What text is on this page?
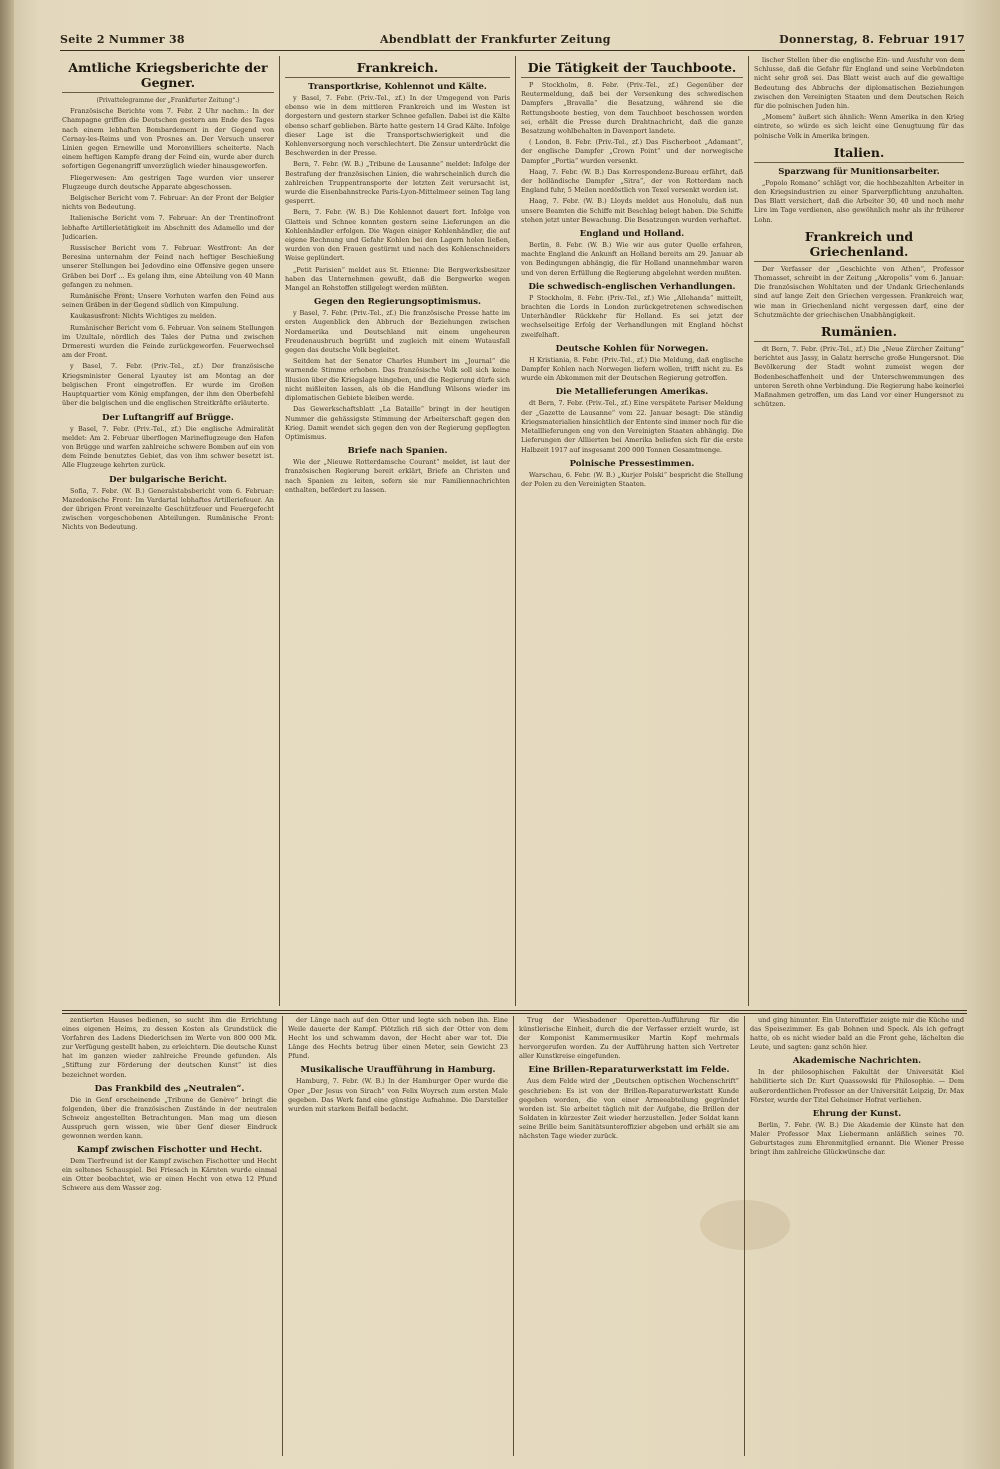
Seite 2 Nummer 38	Abendblatt der Frankfurter Zeitung	Donnerstag, 8. Februar 1917
Amtliche Kriegsberichte der Gegner.
(Privattelegramme der „Frankfurter Zeitung“.)

Französische Berichte vom 7. Febr. 2 Uhr nachm.: In der Champagne griffen die Deutschen gestern am Ende des Tages nach einem lebhaften Bombardement in der Gegend von Cernay-les-Reims und von Prosnes an. Der Versuch unserer Linien gegen Ernewille und Moronvilliers scheiterte. Nach einem heftigen Kampfe drang der Feind ein, wurde aber durch sofortigen Gegenangriff unverzüglich wieder hinausgeworfen.

Fliegerwesen: Am gestrigen Tage wurden vier unserer Flugzeuge durch deutsche Apparate abgeschossen.

Belgischer Bericht vom 7. Februar: An der Front der Belgier nichts von Bedeutung.

Italienische Bericht vom 7. Februar: An der Trentinofront lebhafte Artillerietätigkeit im Abschnitt des Adamello und der Judicarien.

Russischer Bericht vom 7. Februar. Westfront: An der Beresina unternahm der Feind nach heftiger Beschießung unserer Stellungen bei Jedovdino eine Offensive gegen unsere Gräben bei Dorf ... Es gelang ihm, eine Abteilung von 40 Mann gefangen zu nehmen.

Rumänische Front: Unsere Vorhuten warfen den Feind aus seinen Gräben in der Gegend südlich von Kimpulung.

Kaukasusfront: Nichts Wichtiges zu melden.

Rumänischer Bericht vom 6. Februar. Von seinem Stellungen im Uzultale, nördlich des Tales der Putna und zwischen Drmeresti wurden die Feinde zurückgeworfen. Feuerwechsel am der Front.

y Basel, 7. Febr. (Priv.-Tel., zf.) Der französische Kriegsminister General Lyautey ist am Montag an der belgischen Front eingetroffen. Er wurde im Großen Hauptquartier vom König empfangen, der ihm den Oberbefehl über die belgischen und die englischen Streitkräfte erläuterte.

Der Luftangriff auf Brügge.

y Basel, 7. Febr. (Priv.-Tel., zf.) Die englische Admiralität meldet: Am 2. Februar überflogen Marineflugzeuge den Hafen von Brügge und warfen zahlreiche schwere Bomben auf ein von dem Feinde benutztes Gebiet, das von ihm schwer besetzt ist. Alle Flugzeuge kehrten zurück.

Der bulgarische Bericht.

Sofia, 7. Febr. (W. B.) Generalstabsbericht vom 6. Februar: Mazedonische Front: Im Vardartal lebhaftes Artilleriefeuer. An der übrigen Front vereinzelte Geschützfeuer und Feuergefecht zwischen vorgeschobenen Abteilungen. Rumänische Front: Nichts von Bedeutung.

Frankreich.
Transportkrise, Kohlennot und Kälte.

y Basel, 7. Febr. (Priv.-Tel., zf.) In der Umgegend von Paris ebenso wie in dem mittleren Frankreich und im Westen ist dorgestern und gestern starker Schnee gefallen. Dabei ist die Kälte ebenso scharf geblieben. Bärte hatte gestern 14 Grad Kälte. Infolge dieser Lage ist die Transportschwierigkeit und die Kohlenversorgung noch verschlechtert. Die Zensur unterdrückt die Beschwerden in der Presse.

Bern, 7. Febr. (W. B.) „Tribune de Lausanne“ meldet: Infolge der Bestrafung der französischen Linien, die wahrscheinlich durch die zahlreichen Truppentransporte der letzten Zeit verursacht ist, wurde die Eisenbahnstrecke Paris-Lyon-Mittelmeer seinen Tag lang gesperrt.

Bern, 7. Febr. (W. B.) Die Kohlennot dauert fort. Infolge von Glatteis und Schnee konnten gestern seine Lieferungen an die Kohlenhändler erfolgen. Die Wagen einiger Kohlenhändler, die auf eigene Rechnung und Gefahr Kohlen bei den Lagern holen ließen, wurden von den Frauen gestürmt und nach des Kohlenschneiders Weise geplündert.

„Petit Parisien“ meldet aus St. Etienne: Die Bergwerksbesitzer haben das Unternehmen gewußt, daß die Bergwerke wegen Mangel an Rohstoffen stillgelegt werden müßten.

Gegen den Regierungsoptimismus.

y Basel, 7. Febr. (Priv.-Tel., zf.) Die französische Presse hatte im ersten Augenblick den Abbruch der Beziehungen zwischen Nordamerika und Deutschland mit einem ungeheuren Freudenausbruch begrüßt und zugleich mit einem Wutausfall gegen das deutsche Volk begleitet.

Seitdem hat der Senator Charles Humbert im „Journal“ die warnende Stimme erhoben. Das französische Volk soll sich keine Illusion über die Kriegslage hingeben, und die Regierung dürfe sich nicht mißleiten lassen, als ob die Handlung Wilsons wieder im diplomatischen Gebiete bleiben werde.

Das Gewerkschaftsblatt „La Bataille“ bringt in der heutigen Nummer die gehässigste Stimmung der Arbeiterschaft gegen den Krieg. Damit wendet sich gegen den von der Regierung gepflegten Optimismus.

Briefe nach Spanien.

Wie der „Nieuwe Rotterdamsche Courant“ meldet, ist laut der französischen Regierung bereit erklärt, Briefe an Christen und nach Spanien zu leiten, sofern sie nur Familiennachrichten enthalten, befördert zu lassen.

Die Tätigkeit der Tauchboote.

P Stockholm, 8. Febr. (Priv.-Tel., zf.) Gegenüber der Reutermeldung, daß bei der Versenkung des schwedischen Dampfers „Bravalla“ die Besatzung, während sie die Rettungsboote bestieg, von dem Tauchboot beschossen worden sei, erhält die Presse durch Drahtnachricht, daß die ganze Besatzung wohlbehalten in Davenport landete.

( London, 8. Febr. (Priv.-Tel., zf.) Das Fischerboot „Adamant“, der englische Dampfer „Crown Point“ und der norwegische Dampfer „Portia“ wurden versenkt.

Haag, 7. Febr. (W. B.) Das Korrespondenz-Bureau erfährt, daß der holländische Dampfer „Sitra“, der von Rotterdam nach England fuhr, 5 Meilen nordöstlich von Texel versenkt worden ist.

Haag, 7. Febr. (W. B.) Lloyds meldet aus Honolulu, daß nun unsere Beamten die Schiffe mit Beschlag belegt haben. Die Schiffe stehen jetzt unter Bewachung. Die Besatzungen wurden verhaftet.

England und Holland.

Berlin, 8. Febr. (W. B.) Wie wir aus guter Quelle erfahren, machte England die Ankunft an Holland bereits am 29. Januar ab von Bedingungen abhängig, die für Holland unannehmbar waren und von deren Erfüllung die Regierung abgelehnt werden mußten.

Die schwedisch-englischen Verhandlungen.

P Stockholm, 8. Febr. (Priv.-Tel., zf.) Wie „Allehanda“ mitteilt, brachten die Lords in London zurückgetretenen schwedischen Unterhändler Rückkehr für Holland. Es sei jetzt der wechselseitige Erfolg der Verhandlungen mit England höchst zweifelhaft.

Deutsche Kohlen für Norwegen.

H Kristiania, 8. Febr. (Priv.-Tel., zf.) Die Meldung, daß englische Dampfer Kohlen nach Norwegen liefern wollen, trifft nicht zu. Es wurde ein Abkommen mit der Deutschen Regierung getroffen.

Die Metallieferungen Amerikas.

dt Bern, 7. Febr. (Priv.-Tel., zf.) Eine verspätete Pariser Meldung der „Gazette de Lausanne“ vom 22. Januar besagt: Die ständig Kriegsmaterialien hinsichtlich der Entente sind immer noch für die Metalllieferungen eng von den Vereinigten Staaten abhängig. Die Lieferungen der Alliierten bei Amerika beliefen sich für die erste Halbzeit 1917 auf insgesamt 200 000 Tonnen Gesamtmenge.

Polnische Pressestimmen.

Warschau, 6. Febr. (W. B.) „Kurjer Polski“ bespricht die Stellung der Polen zu den Vereinigten Staaten.

lischer Stellen über die englische Ein- und Ausfuhr von dem Schlusse, daß die Gefahr für England und seine Verbündeten nicht sehr groß sei. Das Blatt weist auch auf die gewaltige Bedeutung des Abbruchs der diplomatischen Beziehungen zwischen den Vereinigten Staaten und dem Deutschen Reich für die polnischen Juden hin.

„Momem“ äußert sich ähnlich: Wenn Amerika in den Krieg eintrete, so würde es sich leicht eine Genugtuung für das polnische Volk in Amerika bringen.

Italien.
Sparzwang für Munitionsarbeiter.

„Popolo Romano“ schlägt vor, die hochbezahlten Arbeiter in den Kriegsindustrien zu einer Sparverpflichtung anzuhalten. Das Blatt versichert, daß die Arbeiter 30, 40 und noch mehr Lire im Tage verdienen, also gewöhnlich mehr als ihr früherer Lohn.

Frankreich und Griechenland.

Der Verfasser der „Geschichte von Athen“, Professor Thomasset, schreibt in der Zeitung „Akropolis“ vom 6. Januar: Die französischen Wohltaten und der Undank Griechenlands sind auf lange Zeit den Griechen vergessen. Frankreich war, wie man in Griechenland nicht vergessen darf, eine der Schutzmächte der griechischen Unabhängigkeit.

Rumänien.

dt Bern, 7. Febr. (Priv.-Tel., zf.) Die „Neue Zürcher Zeitung“ berichtet aus Jassy, in Galatz herrsche große Hungersnot. Die Bevölkerung der Stadt wohnt zumeist wegen der Bodenbeschaffenheit und der Unterschwemmungen des unteren Sereth ohne Verbindung. Die Regierung habe keinerlei Maßnahmen getroffen, um das Land vor einer Hungersnot zu schützen.

zentierten Hauses bedienen, so sucht ihm die Errichtung eines eigenen Heims, zu dessen Kosten als Grundstück die Vorfahren des Ladens Diederichsen im Werte von 800 000 Mk. zur Verfügung gestellt haben, zu erleichtern. Die deutsche Kunst hat im ganzen wieder zahlreiche Freunde gefunden. Als „Stiftung zur Förderung der deutschen Kunst“ ist dies bezeichnet worden.

Das Frankbild des „Neutralen“.

Die in Genf erscheinende „Tribune de Genève“ bringt die folgenden, über die französischen Zustände in der neutralen Schweiz angestellten Betrachtungen. Man mag um diesen Ausspruch gern wissen, wie über Genf dieser Eindruck gewonnen werden kann.

Kampf zwischen Fischotter und Hecht.

Dem Tierfreund ist der Kampf zwischen Fischotter und Hecht ein seltenes Schauspiel. Bei Friesach in Kärnten wurde einmal ein Otter beobachtet, wie er einen Hecht von etwa 12 Pfund Schwere aus dem Wasser zog.

der Länge nach auf den Otter und legte sich neben ihn. Eine Weile dauerte der Kampf. Plötzlich riß sich der Otter von dem Hecht los und schwamm davon, der Hecht aber war tot. Die Länge des Hechts betrug über einen Meter, sein Gewicht 23 Pfund.

Musikalische Uraufführung in Hamburg.

Hamburg, 7. Febr. (W. B.) In der Hamburger Oper wurde die Oper „Der Jesus von Sirach“ von Felix Woyrsch zum ersten Male gegeben. Das Werk fand eine günstige Aufnahme. Die Darsteller wurden mit starkem Beifall bedacht.

Trug der Wiesbadener Operetten-Aufführung für die künstlerische Einheit, durch die der Verfasser erzielt wurde, ist der Komponist Kammermusiker Martin Kopf mehrmals hervorgerufen worden. Zu der Aufführung hatten sich Vertreter aller Kunstkreise eingefunden.

Eine Brillen-Reparaturwerkstatt im Felde.

Aus dem Felde wird der „Deutschen optischen Wochenschrift“ geschrieben: Es ist von der Brillen-Reparaturwerkstatt Kunde gegeben worden, die von einer Armeeabteilung gegründet worden ist. Sie arbeitet täglich mit der Aufgabe, die Brillen der Soldaten in kürzester Zeit wieder herzustellen. Jeder Soldat kann seine Brille beim Sanitätsunteroffizier abgeben und erhält sie am nächsten Tage wieder zurück.

und ging hinunter. Ein Unteroffizier zeigte mir die Küche und das Speisezimmer. Es gab Bohnen und Speck. Als ich gefragt hatte, ob es nicht wieder bald an die Front gehe, lächelten die Leute, und sagten: ganz schön hier.

Akademische Nachrichten.

In der philosophischen Fakultät der Universität Kiel habilitierte sich Dr. Kurt Quassowski für Philosophie. — Dem außerordentlichen Professor an der Universität Leipzig, Dr. Max Förster, wurde der Titel Geheimer Hofrat verliehen.

Ehrung der Kunst.

Berlin, 7. Febr. (W. B.) Die Akademie der Künste hat den Maler Professor Max Liebermann anläßlich seines 70. Geburtstages zum Ehrenmitglied ernannt. Die Wiener Presse bringt ihm zahlreiche Glückwünsche dar.
